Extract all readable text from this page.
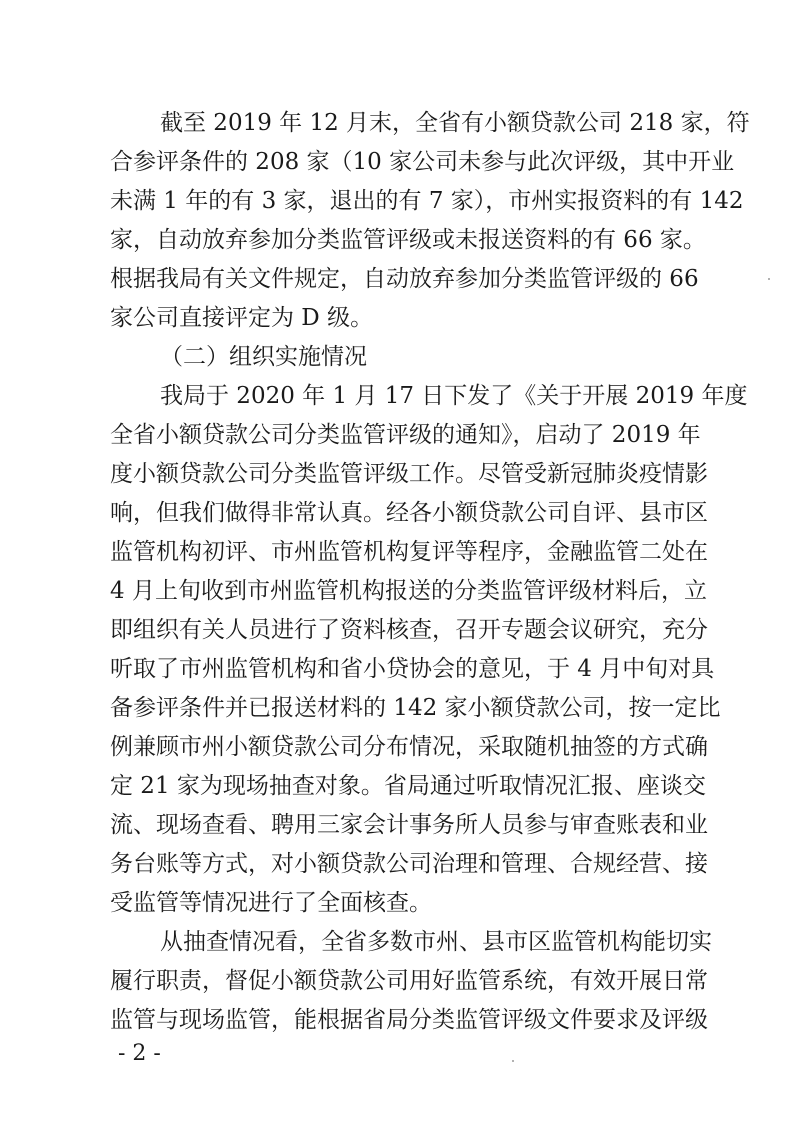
截至 2019 年 12 月末，全省有小额贷款公司 218 家，符
合参评条件的 208 家（10 家公司未参与此次评级，其中开业
未满 1 年的有 3 家，退出的有 7 家），市州实报资料的有 142
家，自动放弃参加分类监管评级或未报送资料的有 66 家。
根据我局有关文件规定，自动放弃参加分类监管评级的 66
家公司直接评定为 D 级。
（二）组织实施情况
我局于 2020 年 1 月 17 日下发了《关于开展 2019 年度
全省小额贷款公司分类监管评级的通知》，启动了 2019 年
度小额贷款公司分类监管评级工作。尽管受新冠肺炎疫情影
响，但我们做得非常认真。经各小额贷款公司自评、县市区
监管机构初评、市州监管机构复评等程序，金融监管二处在
4 月上旬收到市州监管机构报送的分类监管评级材料后，立
即组织有关人员进行了资料核查，召开专题会议研究，充分
听取了市州监管机构和省小贷协会的意见，于 4 月中旬对具
备参评条件并已报送材料的 142 家小额贷款公司，按一定比
例兼顾市州小额贷款公司分布情况，采取随机抽签的方式确
定 21 家为现场抽查对象。省局通过听取情况汇报、座谈交
流、现场查看、聘用三家会计事务所人员参与审查账表和业
务台账等方式，对小额贷款公司治理和管理、合规经营、接
受监管等情况进行了全面核查。
从抽查情况看，全省多数市州、县市区监管机构能切实
履行职责，督促小额贷款公司用好监管系统，有效开展日常
监管与现场监管，能根据省局分类监管评级文件要求及评级
- 2 -
